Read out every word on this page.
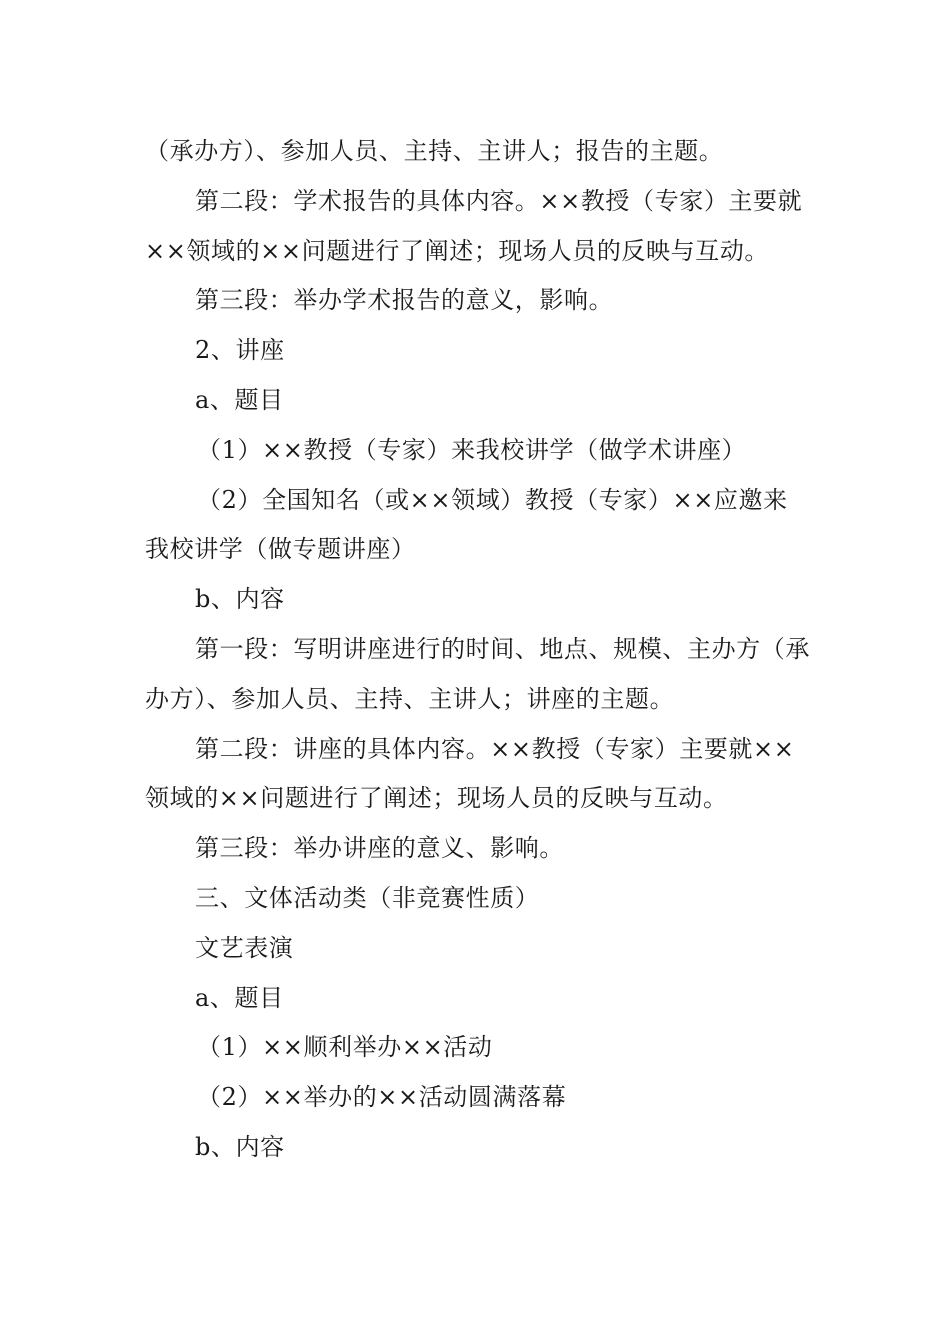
（承办方）、参加人员、主持、主讲人；报告的主题。

第二段：学术报告的具体内容。××教授（专家）主要就××领域的××问题进行了阐述；现场人员的反映与互动。

第三段：举办学术报告的意义，影响。

2、讲座

a、题目

（1）××教授（专家）来我校讲学（做学术讲座）

（2）全国知名（或××领域）教授（专家）××应邀来我校讲学（做专题讲座）

b、内容

第一段：写明讲座进行的时间、地点、规模、主办方（承办方）、参加人员、主持、主讲人；讲座的主题。

第二段：讲座的具体内容。××教授（专家）主要就××领域的××问题进行了阐述；现场人员的反映与互动。

第三段：举办讲座的意义、影响。

三、文体活动类（非竞赛性质）

文艺表演

a、题目

（1）××顺利举办××活动

（2）××举办的××活动圆满落幕

b、内容
